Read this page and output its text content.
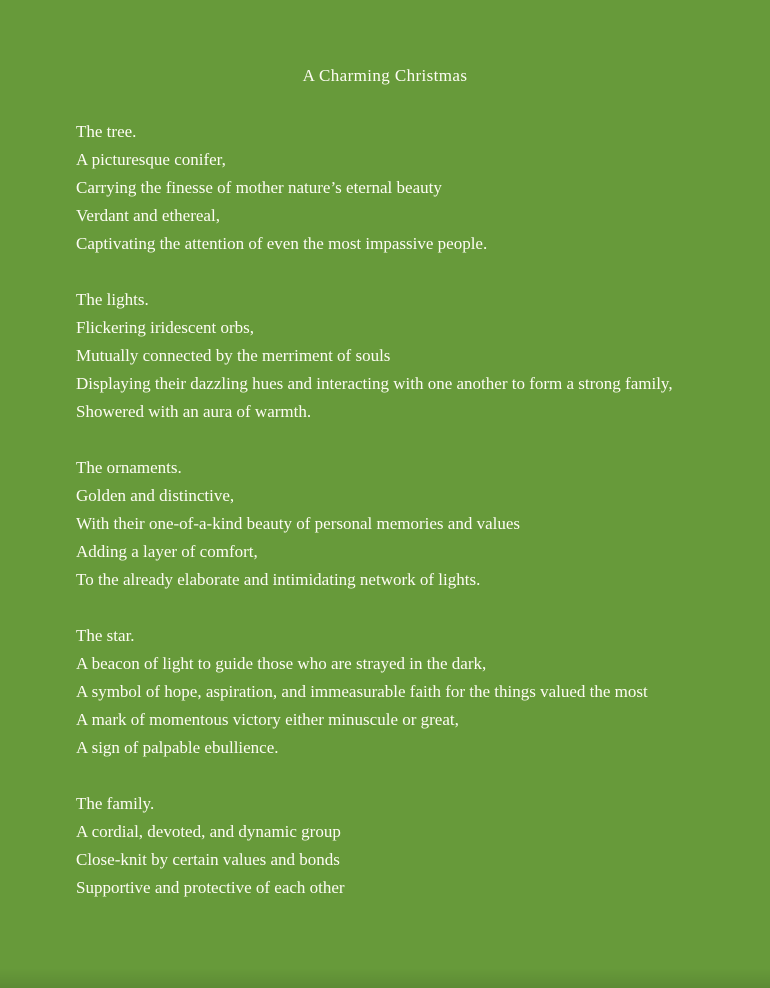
A Charming Christmas

The tree.

A picturesque conifer,

Carrying the finesse of mother nature’s eternal beauty

Verdant and ethereal,

Captivating the attention of even the most impassive people.

The lights.

Flickering iridescent orbs,

Mutually connected by the merriment of souls

Displaying their dazzling hues and interacting with one another to form a strong family,

Showered with an aura of warmth.

The ornaments.

Golden and distinctive,

With their one-of-a-kind beauty of personal memories and values

Adding a layer of comfort,

To the already elaborate and intimidating network of lights.

The star.

A beacon of light to guide those who are strayed in the dark,

A symbol of hope, aspiration, and immeasurable faith for the things valued the most

A mark of momentous victory either minuscule or great,

A sign of palpable ebullience.

The family.

A cordial, devoted, and dynamic group

Close-knit by certain values and bonds

Supportive and protective of each other
